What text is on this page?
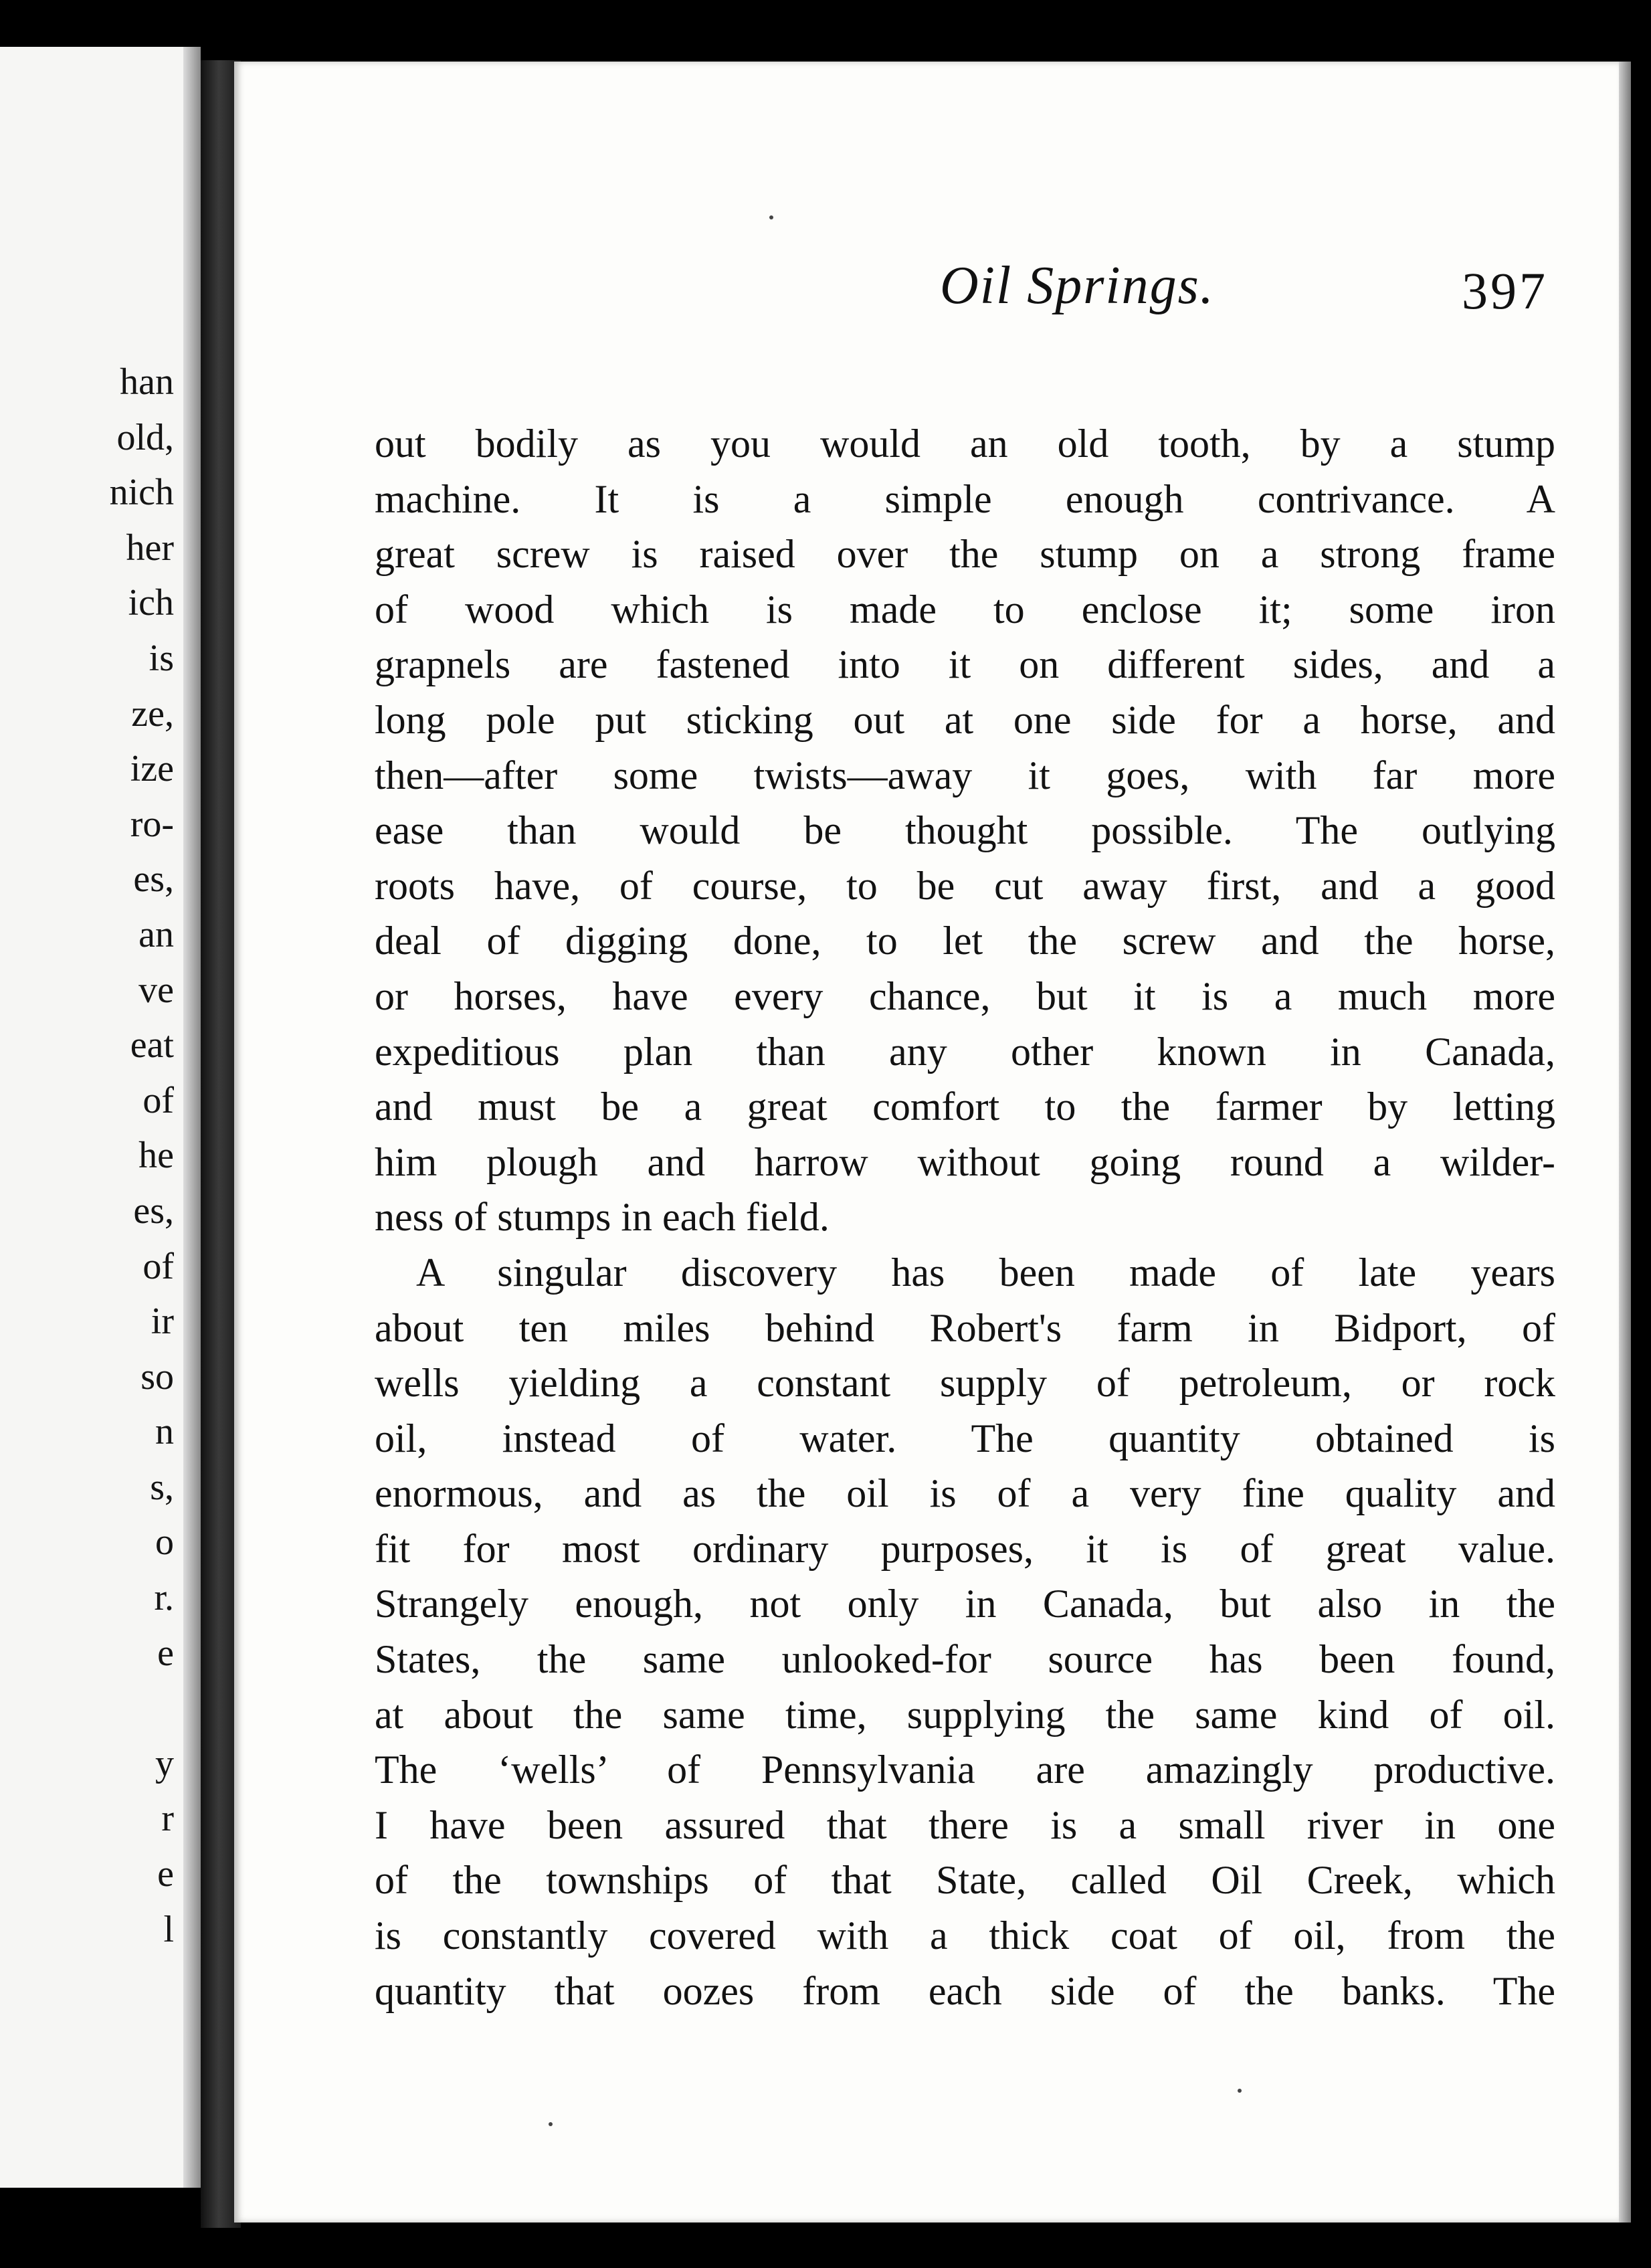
han
old,
nich
her
ich
is
ze,
ize
ro-
es,
an
ve
eat
of
he
es,
of
ir
so
n
s,
o
r.
e
y
r
e
l
Oil Springs.	397
out bodily as you would an old tooth, by a stump
machine. It is a simple enough contrivance. A
great screw is raised over the stump on a strong frame
of wood which is made to enclose it; some iron
grapnels are fastened into it on different sides, and a
long pole put sticking out at one side for a horse, and
then—after some twists—away it goes, with far more
ease than would be thought possible. The outlying
roots have, of course, to be cut away first, and a good
deal of digging done, to let the screw and the horse,
or horses, have every chance, but it is a much more
expeditious plan than any other known in Canada,
and must be a great comfort to the farmer by letting
him plough and harrow without going round a wilder-
ness of stumps in each field.
A singular discovery has been made of late years
about ten miles behind Robert's farm in Bidport, of
wells yielding a constant supply of petroleum, or rock
oil, instead of water. The quantity obtained is
enormous, and as the oil is of a very fine quality and
fit for most ordinary purposes, it is of great value.
Strangely enough, not only in Canada, but also in the
States, the same unlooked-for source has been found,
at about the same time, supplying the same kind of oil.
The ‘wells’ of Pennsylvania are amazingly productive.
I have been assured that there is a small river in one
of the townships of that State, called Oil Creek, which
is constantly covered with a thick coat of oil, from the
quantity that oozes from each side of the banks. The
